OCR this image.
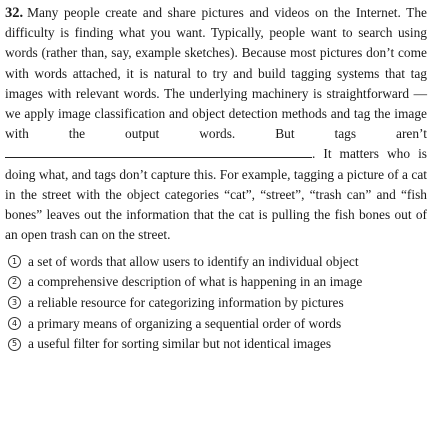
32. Many people create and share pictures and videos on the Internet. The difficulty is finding what you want. Typically, people want to search using words (rather than, say, example sketches). Because most pictures don’t come with words attached, it is natural to try and build tagging systems that tag images with relevant words. The underlying machinery is straightforward — we apply image classification and object detection methods and tag the image with the output words. But tags aren’t . It matters who is doing what, and tags don’t capture this. For example, tagging a picture of a cat in the street with the object categories “cat”, “street”, “trash can” and “fish bones” leaves out the information that the cat is pulling the fish bones out of an open trash can on the street.

1 a set of words that allow users to identify an individual object
2 a comprehensive description of what is happening in an image
3 a reliable resource for categorizing information by pictures
4 a primary means of organizing a sequential order of words
5 a useful filter for sorting similar but not identical images
